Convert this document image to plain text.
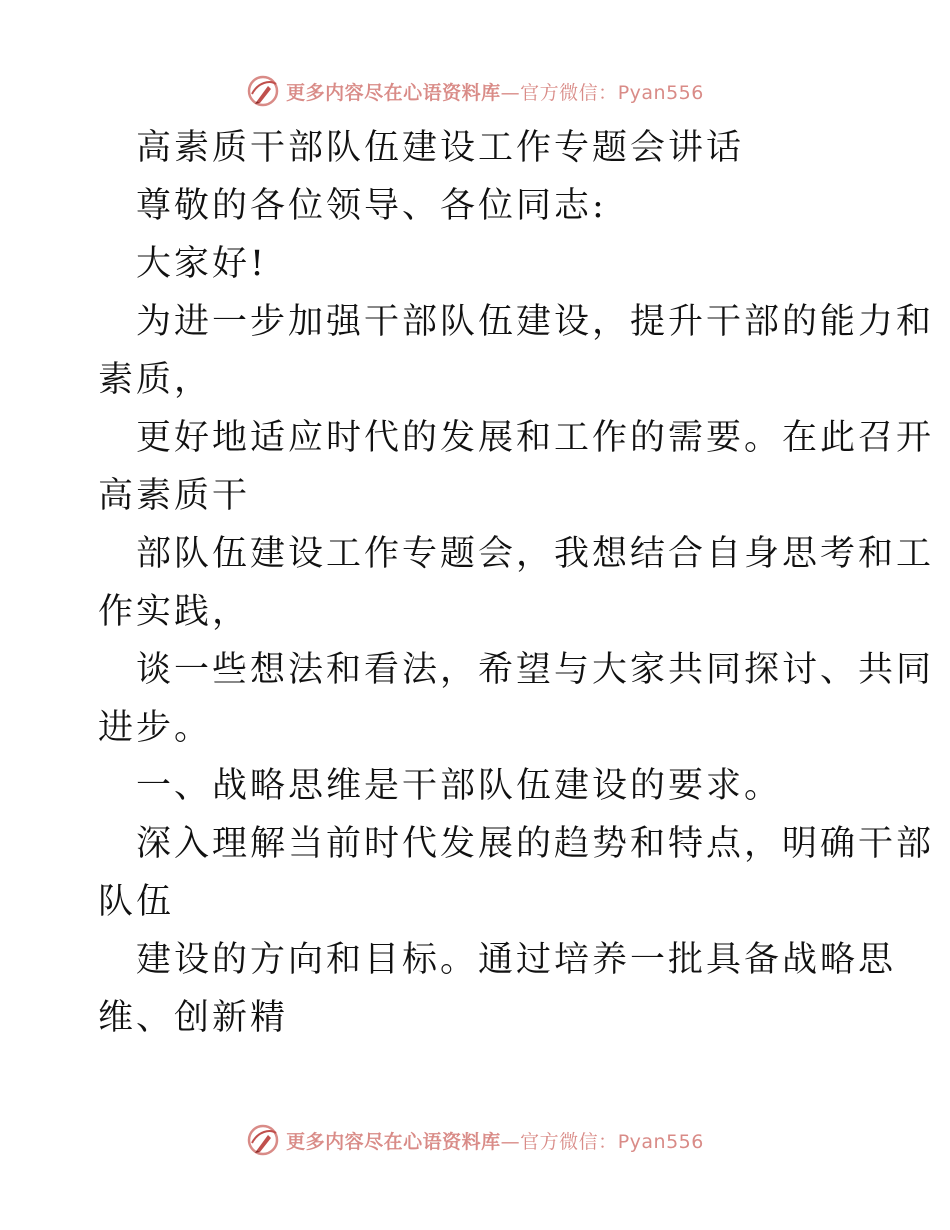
更多内容尽在心语资料库—官方微信：Pyan556
高素质干部队伍建设工作专题会讲话
尊敬的各位领导、各位同志:
大家好!
为进一步加强干部队伍建设，提升干部的能力和
素质，
更好地适应时代的发展和工作的需要。在此召开
高素质干
部队伍建设工作专题会，我想结合自身思考和工
作实践，
谈一些想法和看法，希望与大家共同探讨、共同
进步。
一、战略思维是干部队伍建设的要求。
深入理解当前时代发展的趋势和特点，明确干部
队伍
建设的方向和目标。通过培养一批具备战略思
维、创新精
更多内容尽在心语资料库—官方微信：Pyan556
